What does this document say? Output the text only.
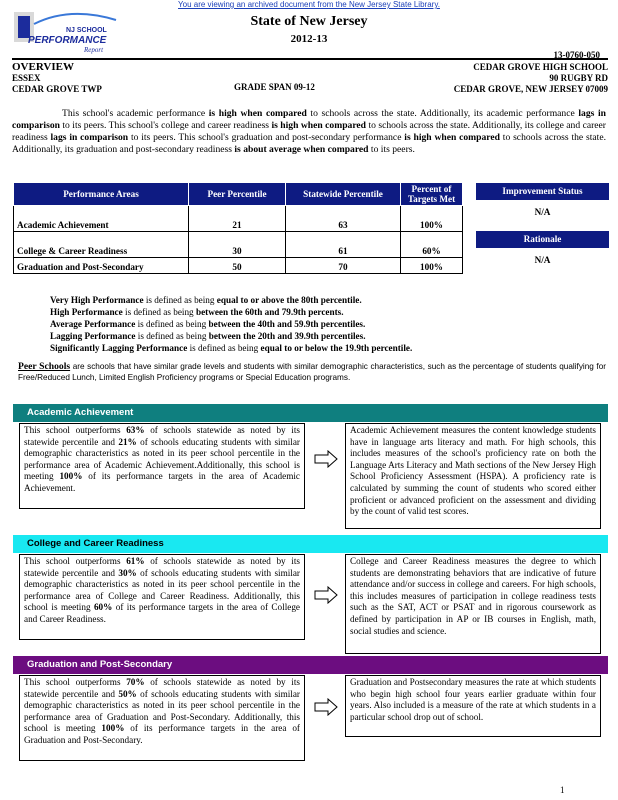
You are viewing an archived document from the New Jersey State Library.
NJ SCHOOL
PERFORMANCE
Report
State of New Jersey
2012-13
13-0760-050
OVERVIEW
ESSEX
CEDAR GROVE TWP	GRADE SPAN 09-12
CEDAR GROVE HIGH SCHOOL
90 RUGBY RD
CEDAR GROVE, NEW JERSEY 07009
This school's academic performance is high when compared to schools across the state. Additionally, its academic performance lags in comparison to its peers. This school's college and career readiness is high when compared to schools across the state. Additionally, its college and career readiness lags in comparison to its peers. This school's graduation and post-secondary performance is high when compared to schools across the state. Additionally, its graduation and post-secondary readiness is about average when compared to its peers.
Performance Areas	Peer Percentile	Statewide Percentile	Percent of Targets Met
Academic Achievement	21	63	100%
College & Career Readiness	30	61	60%
Graduation and Post-Secondary	50	70	100%
Improvement Status
N/A
Rationale
N/A
Very High Performance is defined as being equal to or above the 80th percentile.
High Performance is defined as being between the 60th and 79.9th percents.
Average Performance is defined as being between the 40th and 59.9th percentiles.
Lagging Performance is defined as being between the 20th and 39.9th percentiles.
Significantly Lagging Performance is defined as being equal to or below the 19.9th percentile.
Peer Schools are schools that have similar grade levels and students with similar demographic characteristics, such as the percentage of students qualifying for Free/Reduced Lunch, Limited English Proficiency programs or Special Education programs.
Academic Achievement
This school outperforms 63% of schools statewide as noted by its statewide percentile and 21% of schools educating students with similar demographic characteristics as noted in its peer school percentile in the performance area of Academic Achievement.Additionally, this school is meeting 100% of its performance targets in the area of Academic Achievement.
Academic Achievement measures the content knowledge students have in language arts literacy and math. For high schools, this includes measures of the school's proficiency rate on both the Language Arts Literacy and Math sections of the New Jersey High School Proficiency Assessment (HSPA). A proficiency rate is calculated by summing the count of students who scored either proficient or advanced proficient on the assessment and dividing by the count of valid test scores.
College and Career Readiness
This school outperforms 61% of schools statewide as noted by its statewide percentile and 30% of schools educating students with similar demographic characteristics as noted in its peer school percentile in the performance area of College and Career Readiness. Additionally, this school is meeting 60% of its performance targets in the area of College and Career Readiness.
College and Career Readiness measures the degree to which students are demonstrating behaviors that are indicative of future attendance and/or success in college and careers. For high schools, this includes measures of participation in college readiness tests such as the SAT, ACT or PSAT and in rigorous coursework as defined by participation in AP or IB courses in English, math, social studies and science.
Graduation and Post-Secondary
This school outperforms 70% of schools statewide as noted by its statewide percentile and 50% of schools educating students with similar demographic characteristics as noted in its peer school percentile in the performance area of Graduation and Post-Secondary. Additionally, this school is meeting 100% of its performance targets in the area of Graduation and Post-Secondary.
Graduation and Postsecondary measures the rate at which students who begin high school four years earlier graduate within four years. Also included is a measure of the rate at which students in a particular school drop out of school.
1
